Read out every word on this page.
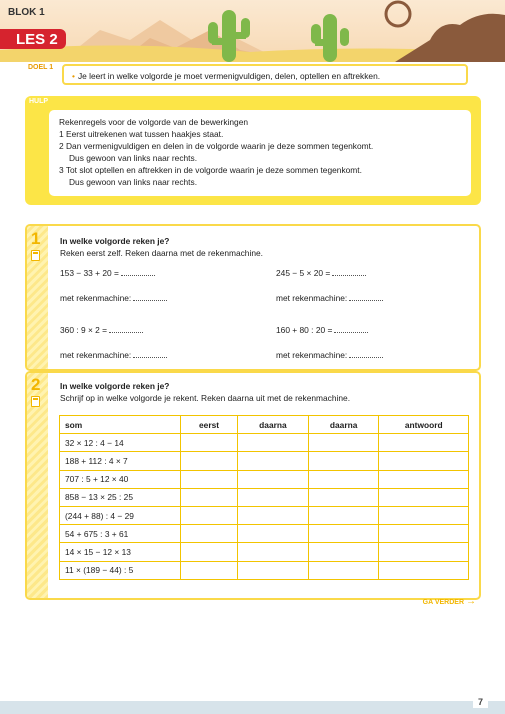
BLOK 1
LES 2
DOEL 1
• Je leert in welke volgorde je moet vermenigvuldigen, delen, optellen en aftrekken.
HULP
Rekenregels voor de volgorde van de bewerkingen
1 Eerst uitrekenen wat tussen haakjes staat.
2 Dan vermenigvuldigen en delen in de volgorde waarin je deze sommen tegenkomt.
Dus gewoon van links naar rechts.
3 Tot slot optellen en aftrekken in de volgorde waarin je deze sommen tegenkomt.
Dus gewoon van links naar rechts.
1 In welke volgorde reken je?
Reken eerst zelf. Reken daarna met de rekenmachine.
153 − 33 + 20 =	245 − 5 × 20 =
met rekenmachine:	met rekenmachine:
360 : 9 × 2 =	160 + 80 : 20 =
met rekenmachine:	met rekenmachine:
2 In welke volgorde reken je?
Schrijf op in welke volgorde je rekent. Reken daarna uit met de rekenmachine.
som	eerst	daarna	daarna	antwoord
32 × 12 : 4 − 14				
188 + 112 : 4 × 7				
707 : 5 + 12 × 40				
858 − 13 × 25 : 25				
(244 + 88) : 4 − 29				
54 + 675 : 3 + 61				
14 × 15 − 12 × 13				
11 × (189 − 44) : 5				
GA VERDER →
7
